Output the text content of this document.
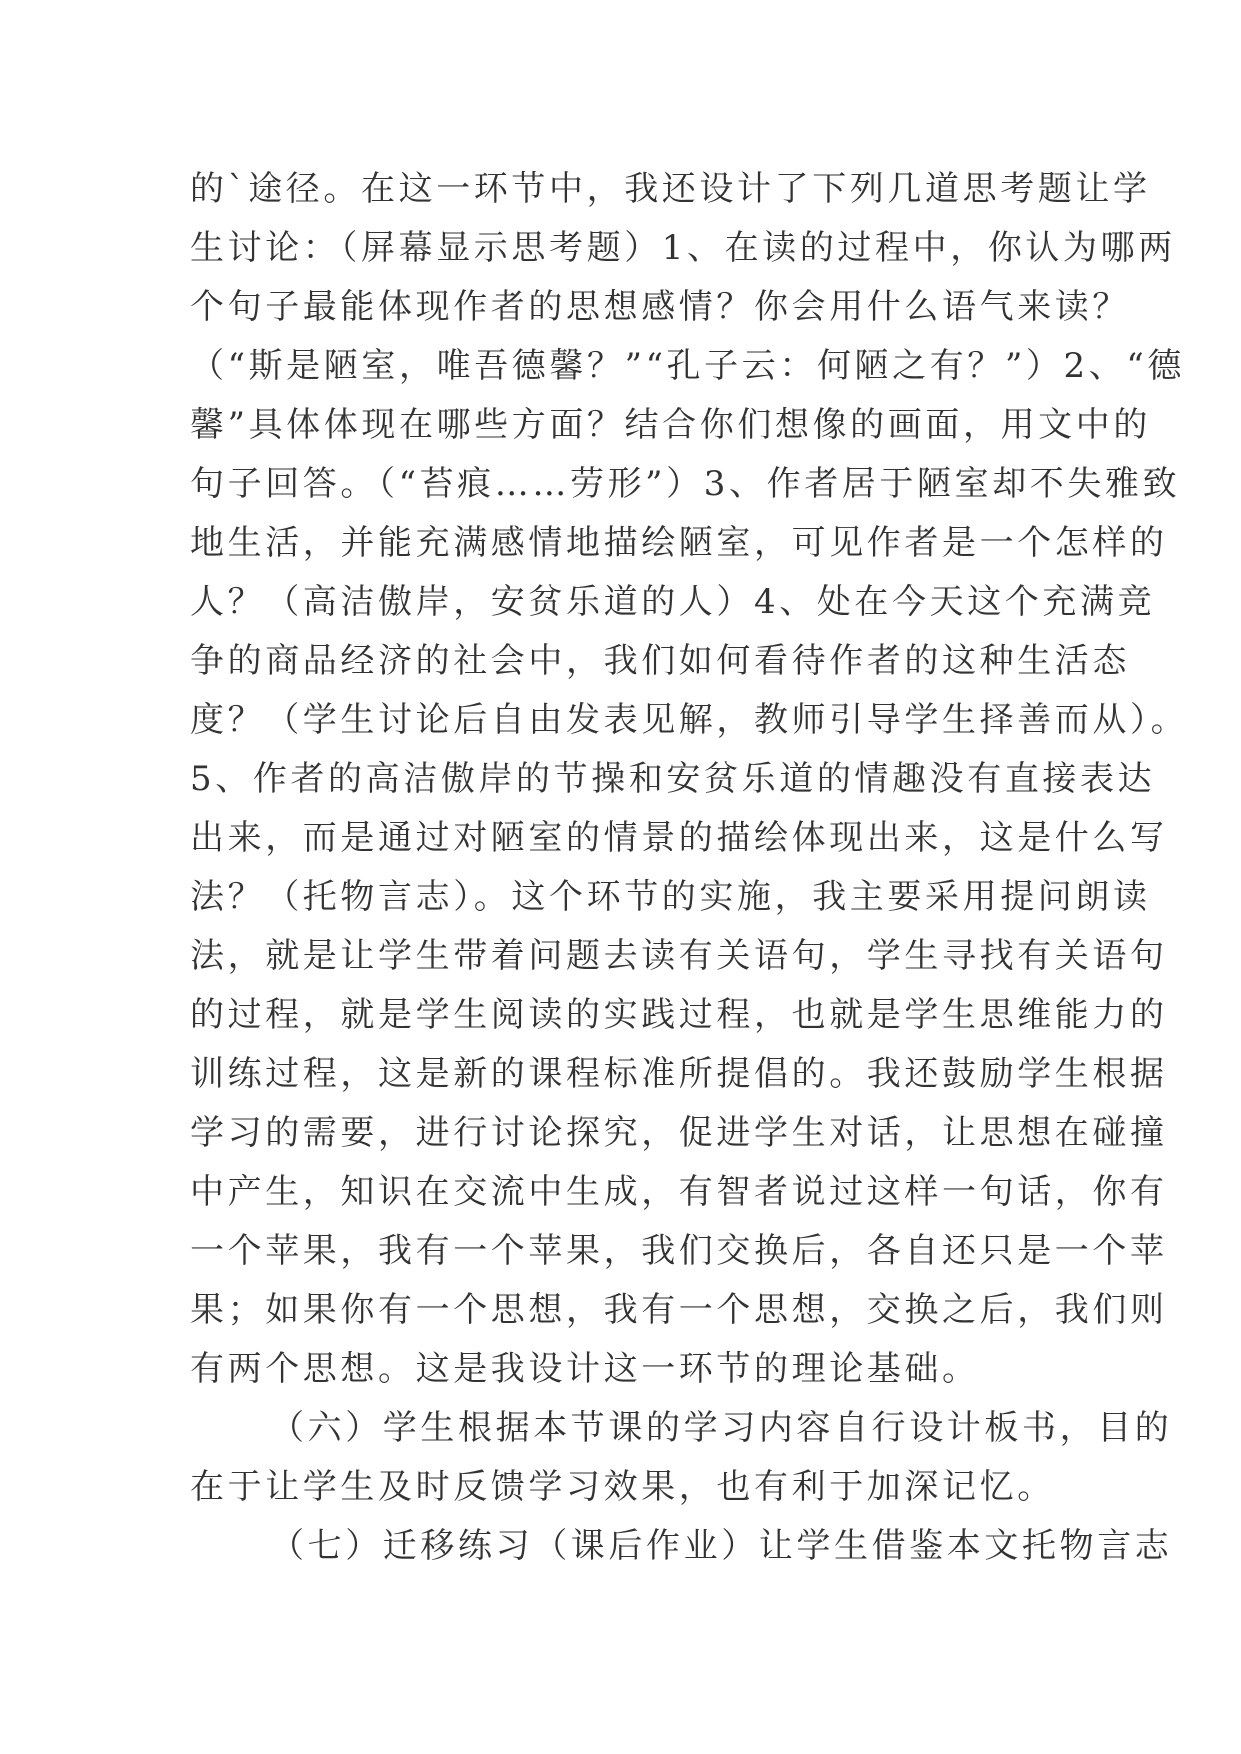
的`途径。在这一环节中，我还设计了下列几道思考题让学
生讨论：（屏幕显示思考题）1、在读的过程中，你认为哪两
个句子最能体现作者的思想感情？你会用什么语气来读？
（“斯是陋室，唯吾德馨？”“孔子云：何陋之有？”）2、“德
馨”具体体现在哪些方面？结合你们想像的画面，用文中的
句子回答。（“苔痕……劳形”）3、作者居于陋室却不失雅致
地生活，并能充满感情地描绘陋室，可见作者是一个怎样的
人？（高洁傲岸，安贫乐道的人）4、处在今天这个充满竞
争的商品经济的社会中，我们如何看待作者的这种生活态
度？（学生讨论后自由发表见解，教师引导学生择善而从）。
5、作者的高洁傲岸的节操和安贫乐道的情趣没有直接表达
出来，而是通过对陋室的情景的描绘体现出来，这是什么写
法？（托物言志）。这个环节的实施，我主要采用提问朗读
法，就是让学生带着问题去读有关语句，学生寻找有关语句
的过程，就是学生阅读的实践过程，也就是学生思维能力的
训练过程，这是新的课程标准所提倡的。我还鼓励学生根据
学习的需要，进行讨论探究，促进学生对话，让思想在碰撞
中产生，知识在交流中生成，有智者说过这样一句话，你有
一个苹果，我有一个苹果，我们交换后，各自还只是一个苹
果；如果你有一个思想，我有一个思想，交换之后，我们则
有两个思想。这是我设计这一环节的理论基础。
（六）学生根据本节课的学习内容自行设计板书，目的
在于让学生及时反馈学习效果，也有利于加深记忆。
（七）迁移练习（课后作业）让学生借鉴本文托物言志
